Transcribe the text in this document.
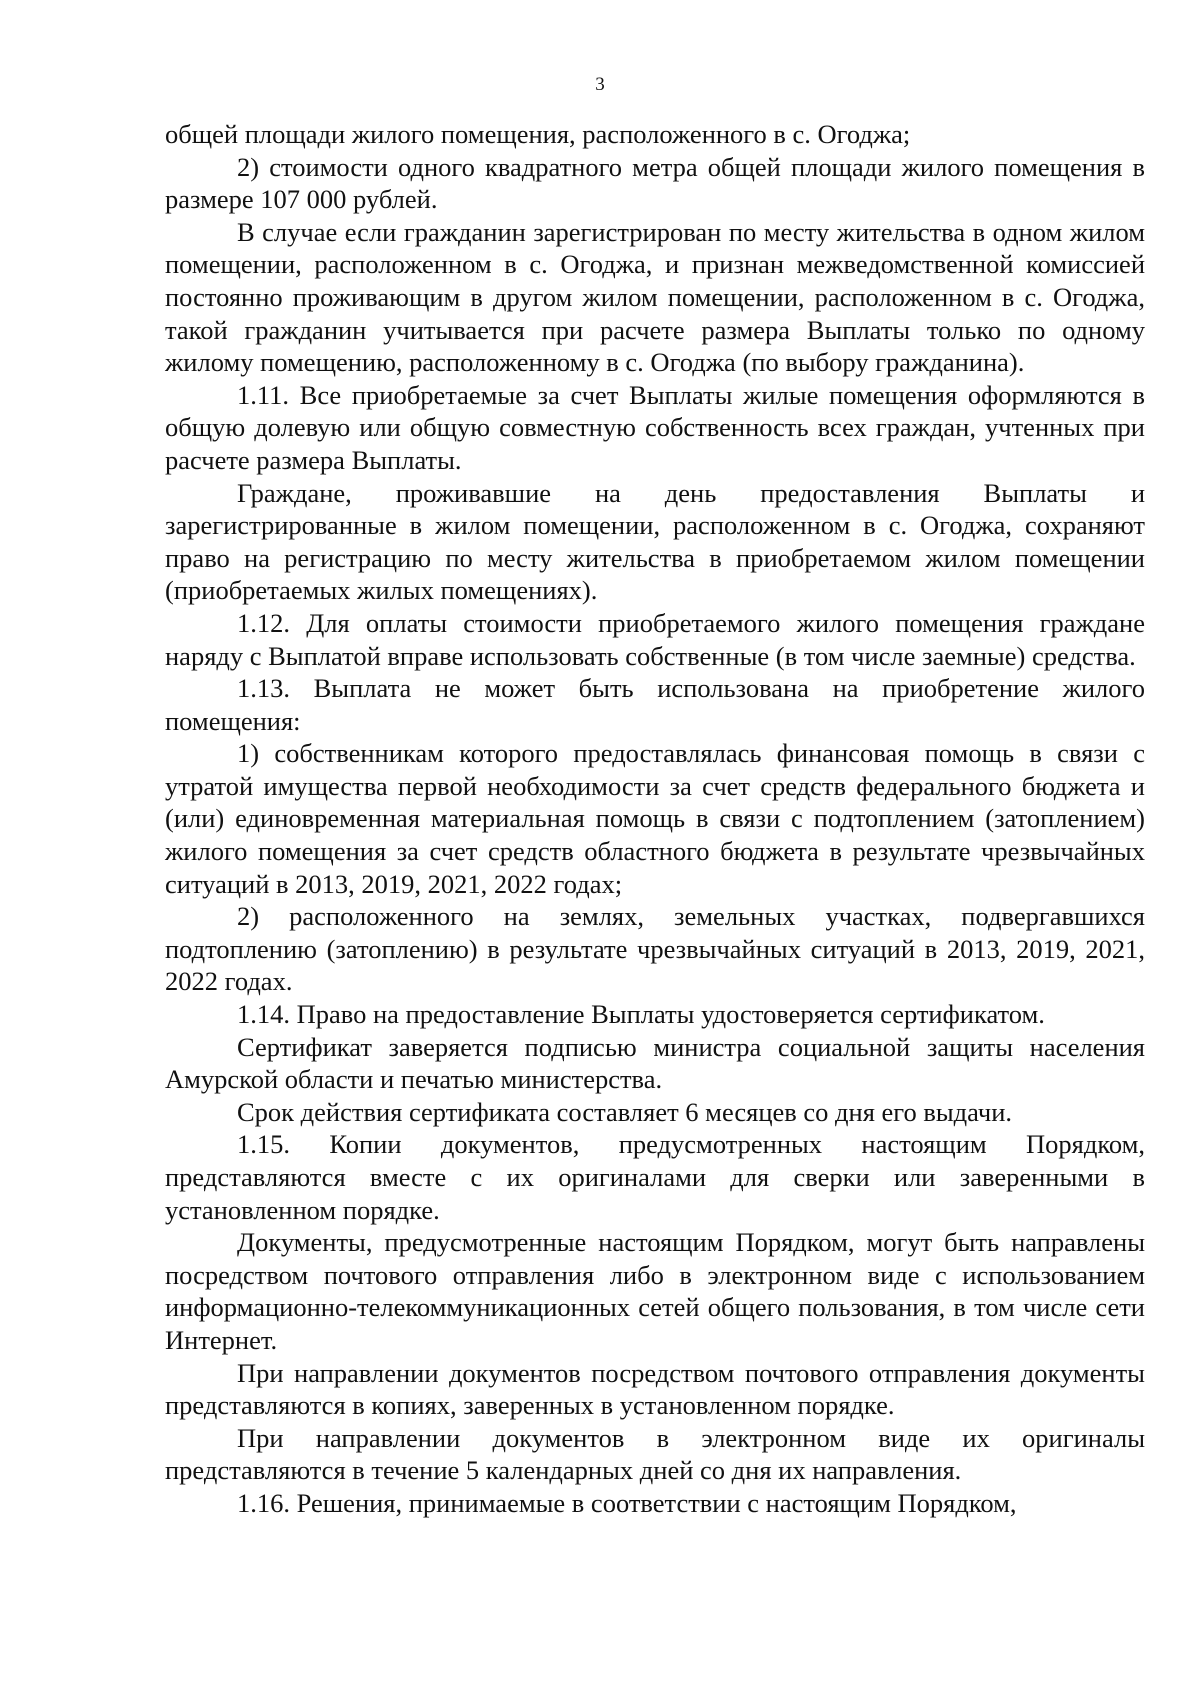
3

общей площади жилого помещения, расположенного в с. Огоджа;

2) стоимости одного квадратного метра общей площади жилого помещения в размере 107 000 рублей.

В случае если гражданин зарегистрирован по месту жительства в одном жилом помещении, расположенном в с. Огоджа, и признан межведомственной комиссией постоянно проживающим в другом жилом помещении, расположенном в с. Огоджа, такой гражданин учитывается при расчете размера Выплаты только по одному жилому помещению, расположенному в с. Огоджа (по выбору гражданина).

1.11. Все приобретаемые за счет Выплаты жилые помещения оформляются в общую долевую или общую совместную собственность всех граждан, учтенных при расчете размера Выплаты.

Граждане, проживавшие на день предоставления Выплаты и зарегистрированные в жилом помещении, расположенном в с. Огоджа, сохраняют право на регистрацию по месту жительства в приобретаемом жилом помещении (приобретаемых жилых помещениях).

1.12. Для оплаты стоимости приобретаемого жилого помещения граждане наряду с Выплатой вправе использовать собственные (в том числе заемные) средства.

1.13. Выплата не может быть использована на приобретение жилого помещения:

1) собственникам которого предоставлялась финансовая помощь в связи с утратой имущества первой необходимости за счет средств федерального бюджета и (или) единовременная материальная помощь в связи с подтоплением (затоплением) жилого помещения за счет средств областного бюджета в результате чрезвычайных ситуаций в 2013, 2019, 2021, 2022 годах;

2) расположенного на землях, земельных участках, подвергавшихся подтоплению (затоплению) в результате чрезвычайных ситуаций в 2013, 2019, 2021, 2022 годах.

1.14. Право на предоставление Выплаты удостоверяется сертификатом.

Сертификат заверяется подписью министра социальной защиты населения Амурской области и печатью министерства.

Срок действия сертификата составляет 6 месяцев со дня его выдачи.

1.15. Копии документов, предусмотренных настоящим Порядком, представляются вместе с их оригиналами для сверки или заверенными в установленном порядке.

Документы, предусмотренные настоящим Порядком, могут быть направлены посредством почтового отправления либо в электронном виде с использованием информационно-телекоммуникационных сетей общего пользования, в том числе сети Интернет.

При направлении документов посредством почтового отправления документы представляются в копиях, заверенных в установленном порядке.

При направлении документов в электронном виде их оригиналы представляются в течение 5 календарных дней со дня их направления.

1.16. Решения, принимаемые в соответствии с настоящим Порядком,
